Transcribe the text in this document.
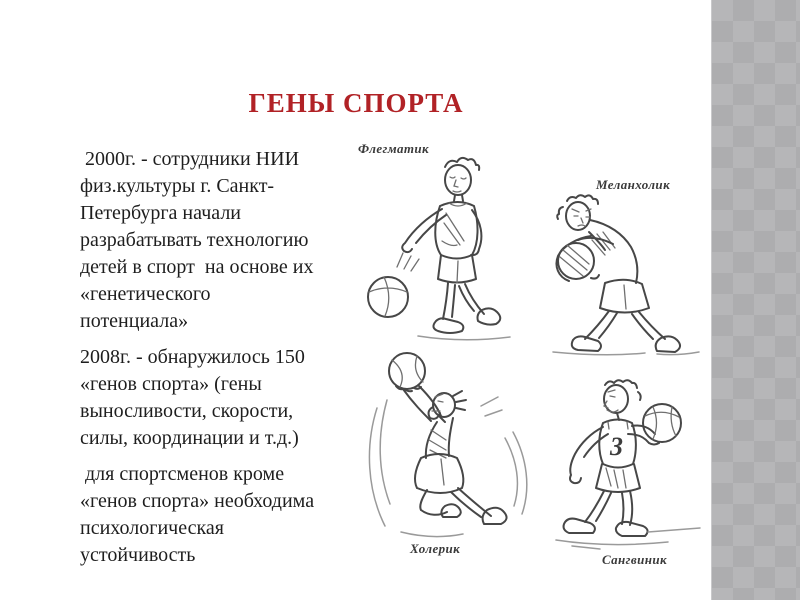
ГЕНЫ СПОРТА

2000г. - сотрудники НИИ
физ.культуры г. Санкт-
Петербурга начали
разрабатывать технологию
детей в спорт  на основе их
«генетического
потенциала»

2008г. - обнаружилось 150
«генов спорта» (гены
выносливости, скорости,
силы, координации и т.д.)

для спортсменов кроме
«генов спорта» необходима
психологическая
устойчивость

Флегматик
Меланхолик
Холерик
3
Сангвиник
